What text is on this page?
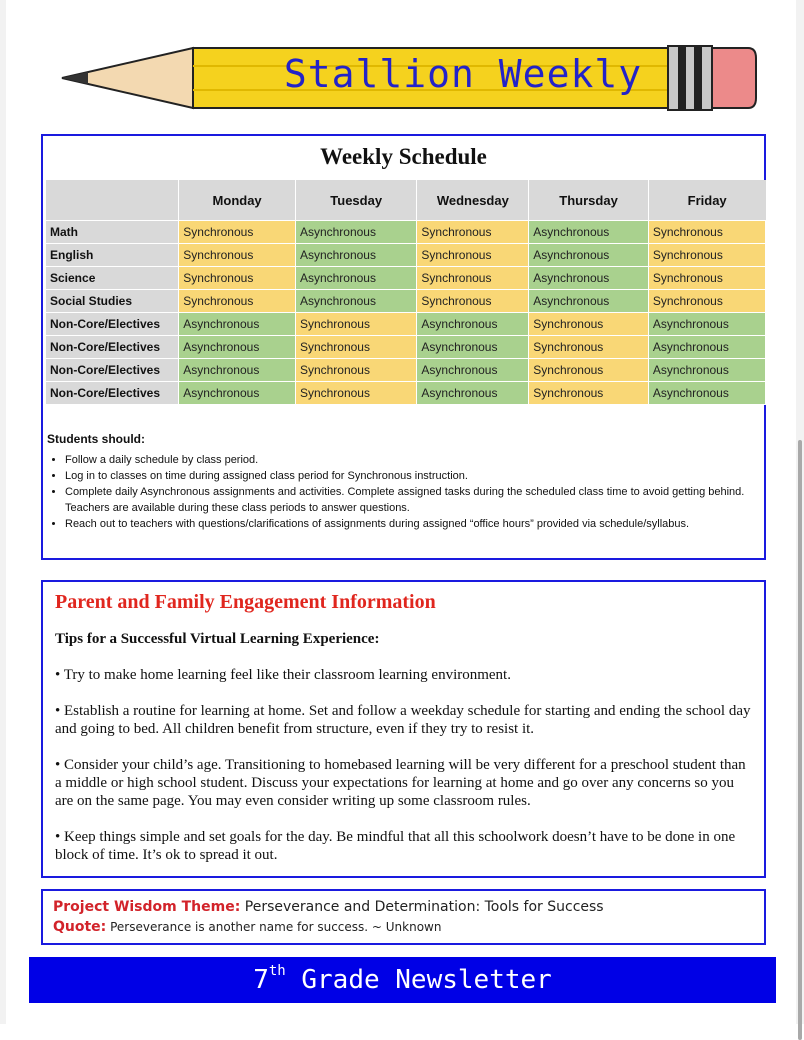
Stallion Weekly
Weekly Schedule
	Monday	Tuesday	Wednesday	Thursday	Friday
Math	Synchronous	Asynchronous	Synchronous	Asynchronous	Synchronous
English	Synchronous	Asynchronous	Synchronous	Asynchronous	Synchronous
Science	Synchronous	Asynchronous	Synchronous	Asynchronous	Synchronous
Social Studies	Synchronous	Asynchronous	Synchronous	Asynchronous	Synchronous
Non-Core/Electives	Asynchronous	Synchronous	Asynchronous	Synchronous	Asynchronous
Non-Core/Electives	Asynchronous	Synchronous	Asynchronous	Synchronous	Asynchronous
Non-Core/Electives	Asynchronous	Synchronous	Asynchronous	Synchronous	Asynchronous
Non-Core/Electives	Asynchronous	Synchronous	Asynchronous	Synchronous	Asynchronous
Students should:
• Follow a daily schedule by class period.
• Log in to classes on time during assigned class period for Synchronous instruction.
• Complete daily Asynchronous assignments and activities. Complete assigned tasks during the scheduled class time to avoid getting behind. Teachers are available during these class periods to answer questions.
• Reach out to teachers with questions/clarifications of assignments during assigned “office hours” provided via schedule/syllabus.
Parent and Family Engagement Information

Tips for a Successful Virtual Learning Experience:

• Try to make home learning feel like their classroom learning environment.

• Establish a routine for learning at home. Set and follow a weekday schedule for starting and ending the school day and going to bed. All children benefit from structure, even if they try to resist it.

• Consider your child’s age. Transitioning to homebased learning will be very different for a preschool student than a middle or high school student. Discuss your expectations for learning at home and go over any concerns so you are on the same page. You may even consider writing up some classroom rules.

• Keep things simple and set goals for the day. Be mindful that all this schoolwork doesn’t have to be done in one block of time. It’s ok to spread it out.

Project Wisdom Theme: Perseverance and Determination: Tools for Success
Quote: Perseverance is another name for success. ~ Unknown
7th Grade Newsletter
